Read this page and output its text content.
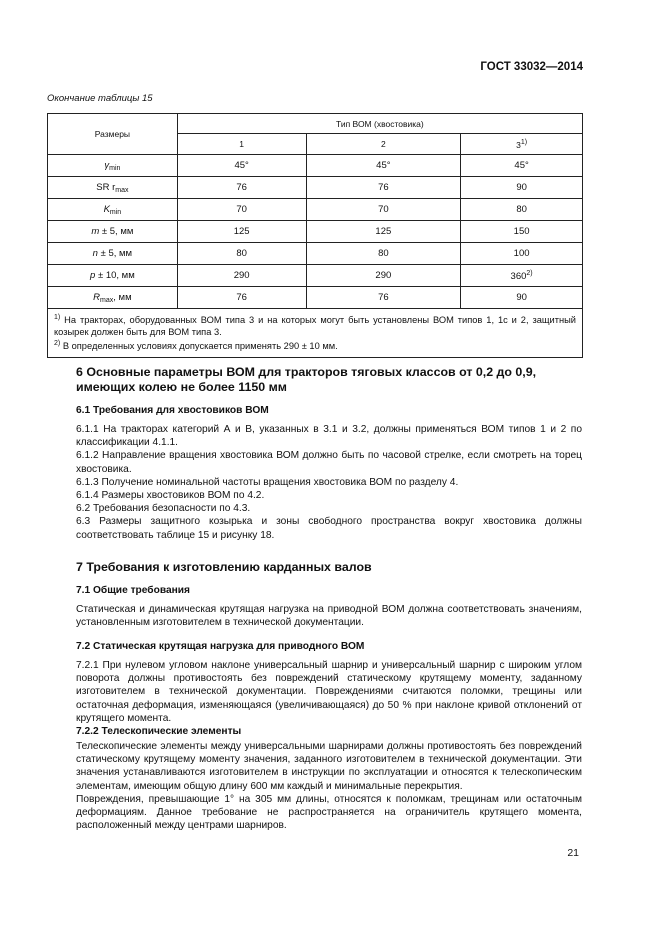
ГОСТ 33032—2014
Окончание таблицы 15
Размеры	Тип ВОМ (хвостовика)		
	1	2	3$^{1)}$
$\gamma_{min}$	45°	45°	45°
SR $r_{max}$	76	76	90
$K_{min}$	70	70	80
m ± 5, мм	125	125	150
n ± 5, мм	80	80	100
p ± 10, мм	290	290	360$^{2)}$
$R_{max}$, мм	76	76	90

$^{1)}$ На тракторах, оборудованных ВОМ типа 3 и на которых могут быть установлены ВОМ типов 1, 1с и 2, защитный козырек должен быть для ВОМ типа 3.
$^{2)}$ В определенных условиях допускается применять 290 ± 10 мм.			
6 Основные параметры ВОМ для тракторов тяговых классов от 0,2 до 0,9, имеющих колею не более 1150 мм
6.1 Требования для хвостовиков ВОМ

6.1.1 На тракторах категорий А и В, указанных в 3.1 и 3.2, должны применяться ВОМ типов 1 и 2 по классификации 4.1.1.

6.1.2 Направление вращения хвостовика ВОМ должно быть по часовой стрелке, если смотреть на торец хвостовика.

6.1.3 Получение номинальной частоты вращения хвостовика ВОМ по разделу 4.

6.1.4 Размеры хвостовиков ВОМ по 4.2.

6.2 Требования безопасности по 4.3.

6.3 Размеры защитного козырька и зоны свободного пространства вокруг хвостовика должны соответствовать таблице 15 и рисунку 18.

7 Требования к изготовлению карданных валов
7.1 Общие требования

Статическая и динамическая крутящая нагрузка на приводной ВОМ должна соответствовать значениям, установленным изготовителем в технической документации.

7.2 Статическая крутящая нагрузка для приводного ВОМ

7.2.1 При нулевом угловом наклоне универсальный шарнир и универсальный шарнир с широким углом поворота должны противостоять без повреждений статическому крутящему моменту, заданному изготовителем в технической документации. Повреждениями считаются поломки, трещины или остаточная деформация, изменяющаяся (увеличивающаяся) до 50 % при наклоне кривой отклонений от крутящего момента.

7.2.2 Телескопические элементы

Телескопические элементы между универсальными шарнирами должны противостоять без повреждений статическому крутящему моменту значения, заданного изготовителем в технической документации. Эти значения устанавливаются изготовителем в инструкции по эксплуатации и относятся к телескопическим элементам, имеющим общую длину 600 мм каждый и минимальные перекрытия.

Повреждения, превышающие 1° на 305 мм длины, относятся к поломкам, трещинам или остаточным деформациям. Данное требование не распространяется на ограничитель крутящего момента, расположенный между центрами шарниров.

21
